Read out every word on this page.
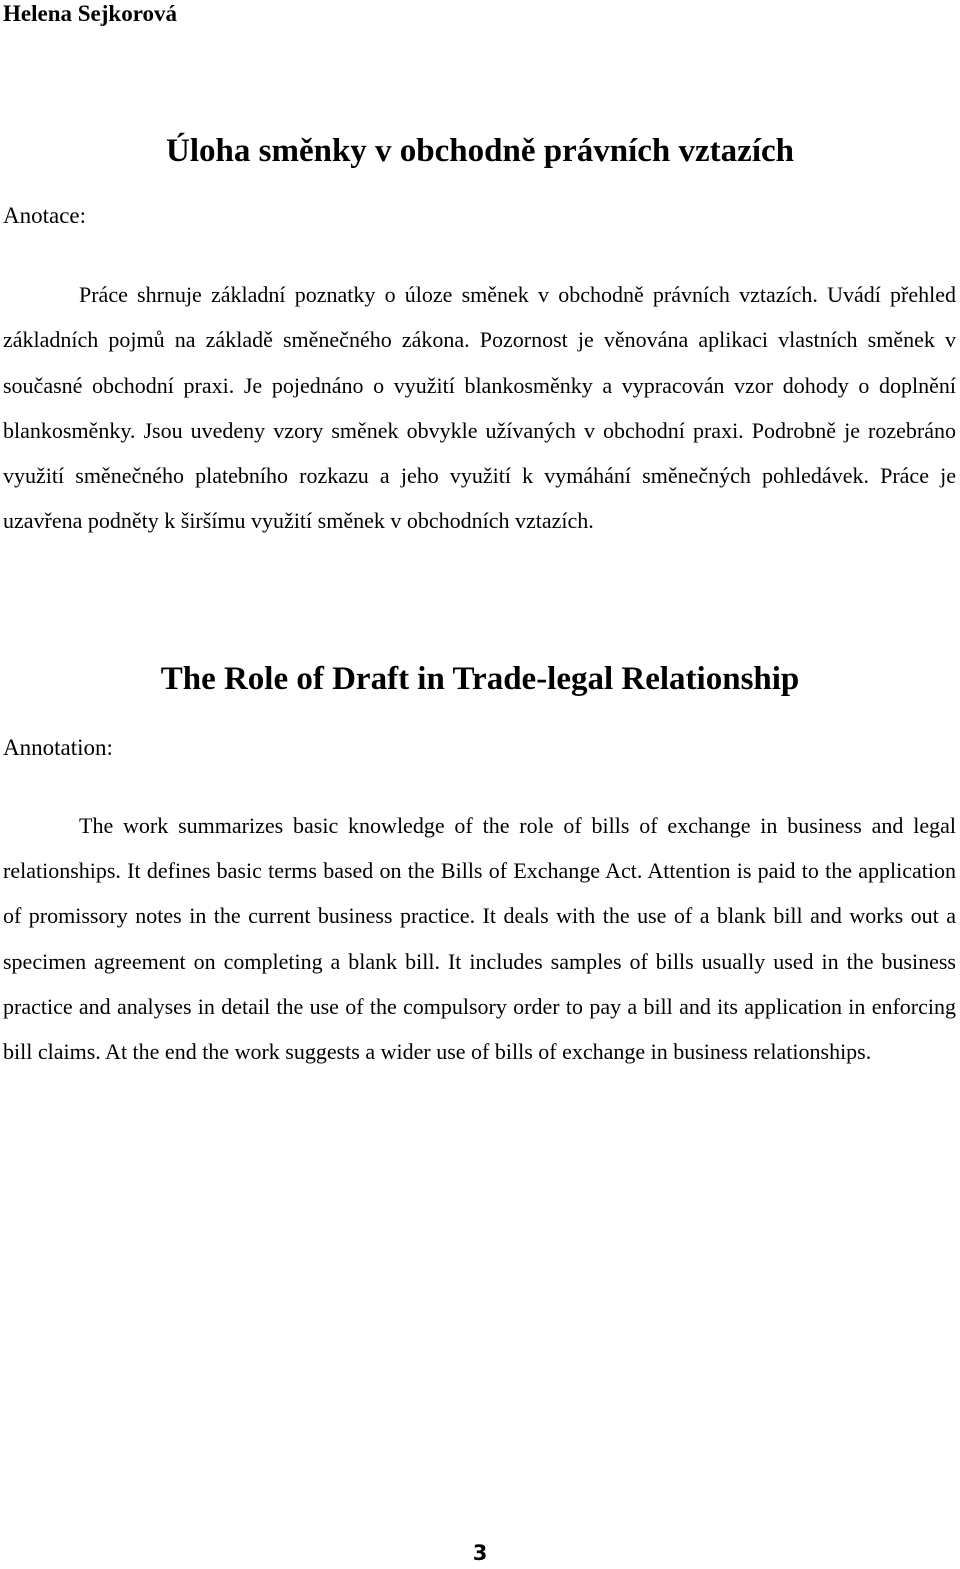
Helena Sejkorová
Úloha směnky v obchodně právních vztazích
Anotace:

Práce shrnuje základní poznatky o úloze směnek v obchodně právních vztazích. Uvádí přehled základních pojmů na základě směnečného zákona. Pozornost je věnována aplikaci vlastních směnek v současné obchodní praxi. Je pojednáno o využití blankosměnky a vypracován vzor dohody o doplnění blankosměnky. Jsou uvedeny vzory směnek obvykle užívaných v obchodní praxi. Podrobně je rozebráno využití směnečného platebního rozkazu a jeho využití k vymáhání směnečných pohledávek. Práce je uzavřena podněty k širšímu využití směnek v obchodních vztazích.

The Role of Draft in Trade-legal Relationship
Annotation:

The work summarizes basic knowledge of the role of bills of exchange in business and legal relationships. It defines basic terms based on the Bills of Exchange Act. Attention is paid to the application of promissory notes in the current business practice. It deals with the use of a blank bill and works out a specimen agreement on completing a blank bill. It includes samples of bills usually used in the business practice and analyses in detail the use of the compulsory order to pay a bill and its application in enforcing bill claims. At the end the work suggests a wider use of bills of exchange in business relationships.

3
